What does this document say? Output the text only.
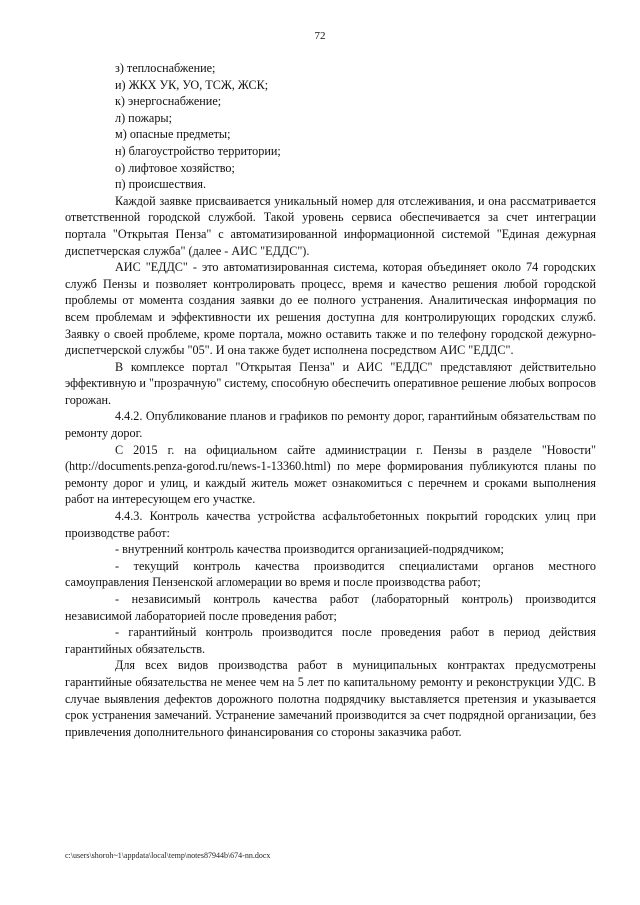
72
з) теплоснабжение;
и) ЖКХ УК, УО, ТСЖ, ЖСК;
к) энергоснабжение;
л) пожары;
м) опасные предметы;
н) благоустройство территории;
о) лифтовое хозяйство;
п) происшествия.

Каждой заявке присваивается уникальный номер для отслеживания, и она рассматривается ответственной городской службой. Такой уровень сервиса обеспечивается за счет интеграции портала "Открытая Пенза" с автоматизированной информационной системой "Единая дежурная диспетчерская служба" (далее - АИС "ЕДДС").

АИС "ЕДДС" - это автоматизированная система, которая объединяет около 74 городских служб Пензы и позволяет контролировать процесс, время и качество решения любой городской проблемы от момента создания заявки до ее полного устранения. Аналитическая информация по всем проблемам и эффективности их решения доступна для контролирующих городских служб. Заявку о своей проблеме, кроме портала, можно оставить также и по телефону городской дежурно-диспетчерской службы "05". И она также будет исполнена посредством АИС "ЕДДС".

В комплексе портал "Открытая Пенза" и АИС "ЕДДС" представляют действительно эффективную и "прозрачную" систему, способную обеспечить оперативное решение любых вопросов горожан.

4.4.2. Опубликование планов и графиков по ремонту дорог, гарантийным обязательствам по ремонту дорог.

С 2015 г. на официальном сайте администрации г. Пензы в разделе "Новости" (http://documents.penza-gorod.ru/news-1-13360.html) по мере формирования публикуются планы по ремонту дорог и улиц, и каждый житель может ознакомиться с перечнем и сроками выполнения работ на интересующем его участке.

4.4.3. Контроль качества устройства асфальтобетонных покрытий городских улиц при производстве работ:

- внутренний контроль качества производится организацией-подрядчиком;

- текущий контроль качества производится специалистами органов местного самоуправления Пензенской агломерации во время и после производства работ;

- независимый контроль качества работ (лабораторный контроль) производится независимой лабораторией после проведения работ;

- гарантийный контроль производится после проведения работ в период действия гарантийных обязательств.

Для всех видов производства работ в муниципальных контрактах предусмотрены гарантийные обязательства не менее чем на 5 лет по капитальному ремонту и реконструкции УДС. В случае выявления дефектов дорожного полотна подрядчику выставляется претензия и указывается срок устранения замечаний. Устранение замечаний производится за счет подрядной организации, без привлечения дополнительного финансирования со стороны заказчика работ.

c:\users\shoroh~1\appdata\local\temp\notes87944b\674-nn.docx
